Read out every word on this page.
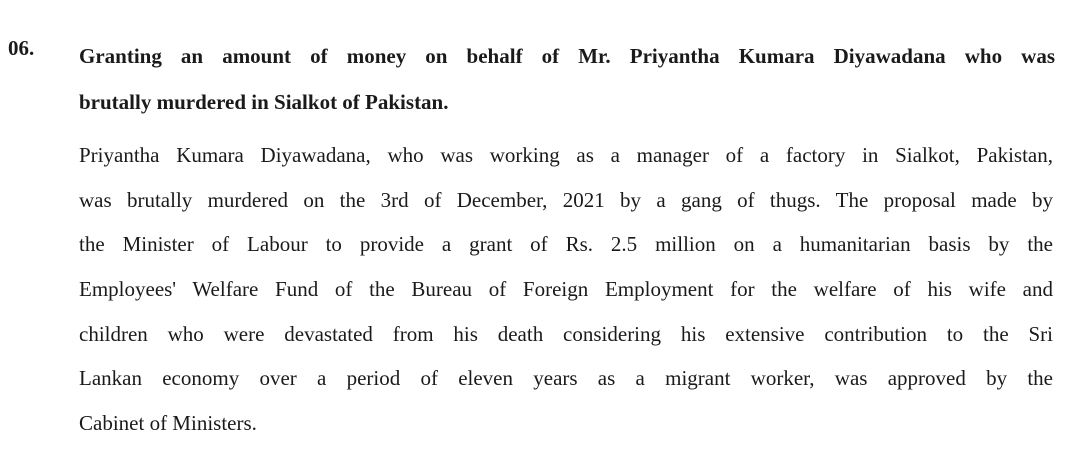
06. Granting an amount of money on behalf of Mr. Priyantha Kumara Diyawadana who was
brutally murdered in Sialkot of Pakistan.

Priyantha Kumara Diyawadana, who was working as a manager of a factory in Sialkot, Pakistan,
was brutally murdered on the 3rd of December, 2021 by a gang of thugs. The proposal made by
the Minister of Labour to provide a grant of Rs. 2.5 million on a humanitarian basis by the
Employees' Welfare Fund of the Bureau of Foreign Employment for the welfare of his wife and
children who were devastated from his death considering his extensive contribution to the Sri
Lankan economy over a period of eleven years as a migrant worker, was approved by the
Cabinet of Ministers.
